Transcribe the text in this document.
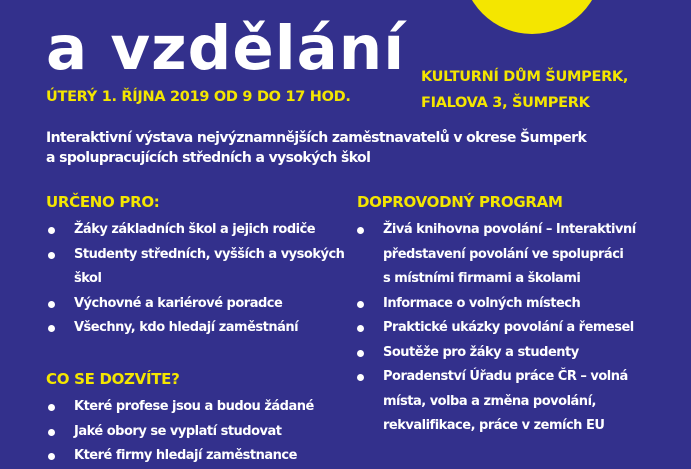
a vzdělání
ÚTERÝ 1. ŘÍJNA 2019 OD 9 DO 17 HOD.
KULTURNÍ DŮM ŠUMPERK,
FIALOVA 3, ŠUMPERK
Interaktivní výstava nejvýznamnějších zaměstnavatelů v okrese Šumperk
a spolupracujících středních a vysokých škol
URČENO PRO:
Žáky základních škol a jejich rodiče
Studenty středních, vyšších a vysokých
škol
Výchovné a kariérové poradce
Všechny, kdo hledají zaměstnání
CO SE DOZVÍTE?
Které profese jsou a budou žádané
Jaké obory se vyplatí studovat
Které firmy hledají zaměstnance
DOPROVODNÝ PROGRAM
Živá knihovna povolání – Interaktivní
představení povolání ve spolupráci
s místními firmami a školami
Informace o volných místech
Praktické ukázky povolání a řemesel
Soutěže pro žáky a studenty
Poradenství Úřadu práce ČR – volná
místa, volba a změna povolání,
rekvalifikace, práce v zemích EU
